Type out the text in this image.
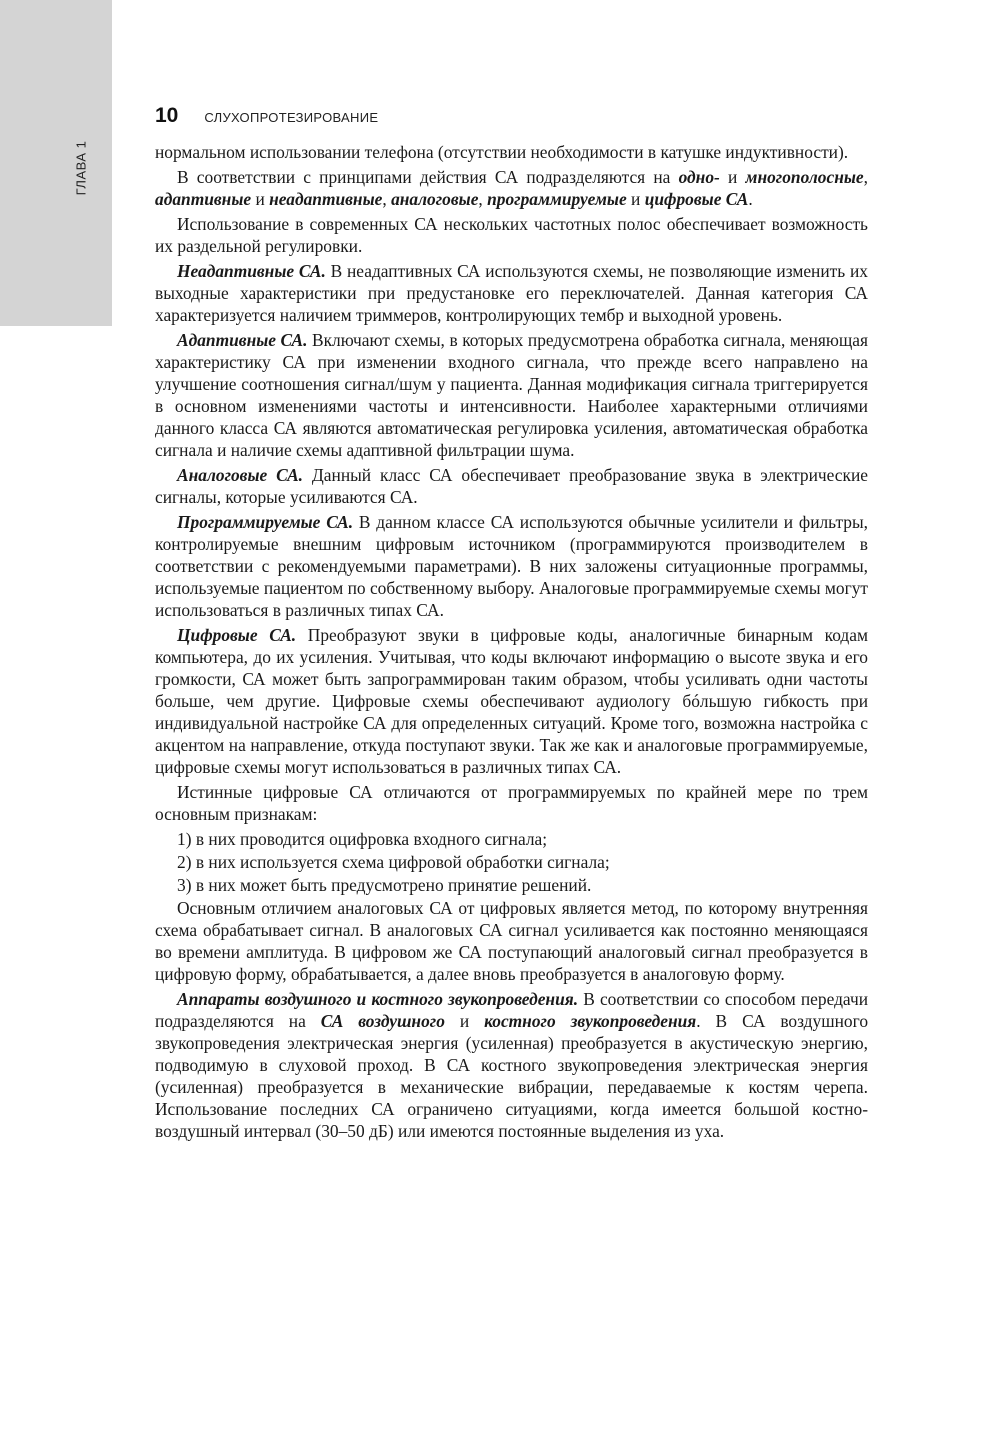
ГЛАВА 1
10 СЛУХОПРОТЕЗИРОВАНИЕ

нормальном использовании телефона (отсутствии необходимости в катушке индуктивности).

В соответствии с принципами действия СА подразделяются на одно- и многополосные, адаптивные и неадаптивные, аналоговые, программируемые и цифровые СА.

Использование в современных СА нескольких частотных полос обеспечивает возможность их раздельной регулировки.

Неадаптивные СА. В неадаптивных СА используются схемы, не позволяющие изменить их выходные характеристики при предустановке его переключателей. Данная категория СА характеризуется наличием триммеров, контролирующих тембр и выходной уровень.

Адаптивные СА. Включают схемы, в которых предусмотрена обработка сигнала, меняющая характеристику СА при изменении входного сигнала, что прежде всего направлено на улучшение соотношения сигнал/шум у пациента. Данная модификация сигнала триггерируется в основном изменениями частоты и интенсивности. Наиболее характерными отличиями данного класса СА являются автоматическая регулировка усиления, автоматическая обработка сигнала и наличие схемы адаптивной фильтрации шума.

Аналоговые СА. Данный класс СА обеспечивает преобразование звука в электрические сигналы, которые усиливаются СА.

Программируемые СА. В данном классе СА используются обычные усилители и фильтры, контролируемые внешним цифровым источником (программируются производителем в соответствии с рекомендуемыми параметрами). В них заложены ситуационные программы, используемые пациентом по собственному выбору. Аналоговые программируемые схемы могут использоваться в различных типах СА.

Цифровые СА. Преобразуют звуки в цифровые коды, аналогичные бинарным кодам компьютера, до их усиления. Учитывая, что коды включают информацию о высоте звука и его громкости, СА может быть запрограммирован таким образом, чтобы усиливать одни частоты больше, чем другие. Цифровые схемы обеспечивают аудиологу бóльшую гибкость при индивидуальной настройке СА для определенных ситуаций. Кроме того, возможна настройка с акцентом на направление, откуда поступают звуки. Так же как и аналоговые программируемые, цифровые схемы могут использоваться в различных типах СА.

Истинные цифровые СА отличаются от программируемых по крайней мере по трем основным признакам:

1) в них проводится оцифровка входного сигнала;

2) в них используется схема цифровой обработки сигнала;

3) в них может быть предусмотрено принятие решений.

Основным отличием аналоговых СА от цифровых является метод, по которому внутренняя схема обрабатывает сигнал. В аналоговых СА сигнал усиливается как постоянно меняющаяся во времени амплитуда. В цифровом же СА поступающий аналоговый сигнал преобразуется в цифровую форму, обрабатывается, а далее вновь преобразуется в аналоговую форму.

Аппараты воздушного и костного звукопроведения. В соответствии со способом передачи подразделяются на СА воздушного и костного звукопроведения. В СА воздушного звукопроведения электрическая энергия (усиленная) преобразуется в акустическую энергию, подводимую в слуховой проход. В СА костного звукопроведения электрическая энергия (усиленная) преобразуется в механические вибрации, передаваемые к костям черепа. Использование последних СА ограничено ситуациями, когда имеется большой костно-воздушный интервал (30–50 дБ) или имеются постоянные выделения из уха.
